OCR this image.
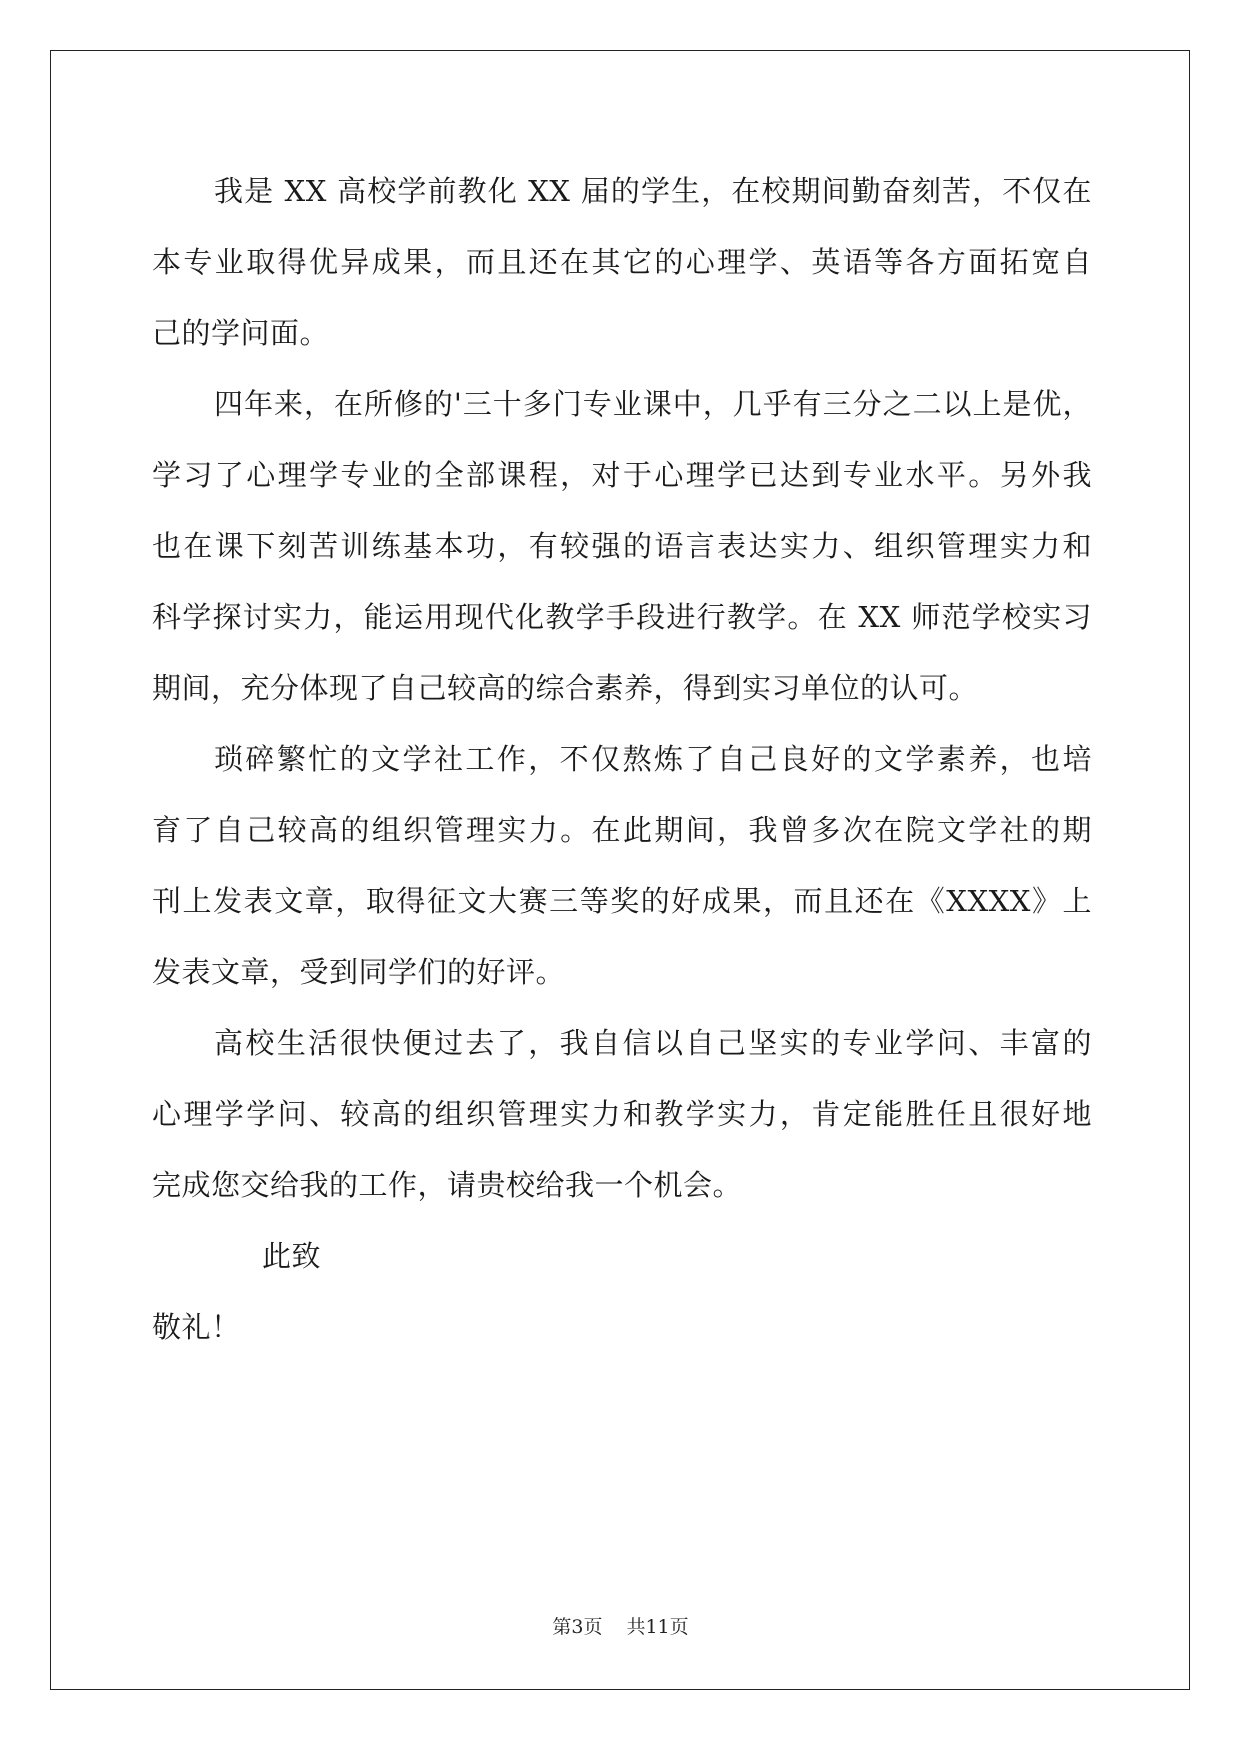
我是 XX 高校学前教化 XX 届的学生，在校期间勤奋刻苦，不仅在
本专业取得优异成果，而且还在其它的心理学、英语等各方面拓宽自
己的学问面。
四年来，在所修的'三十多门专业课中，几乎有三分之二以上是优，
学习了心理学专业的全部课程，对于心理学已达到专业水平。另外我
也在课下刻苦训练基本功，有较强的语言表达实力、组织管理实力和
科学探讨实力，能运用现代化教学手段进行教学。在 XX 师范学校实习
期间，充分体现了自己较高的综合素养，得到实习单位的认可。
琐碎繁忙的文学社工作，不仅熬炼了自己良好的文学素养，也培
育了自己较高的组织管理实力。在此期间，我曾多次在院文学社的期
刊上发表文章，取得征文大赛三等奖的好成果，而且还在《XXXX》上
发表文章，受到同学们的好评。
高校生活很快便过去了，我自信以自己坚实的专业学问、丰富的
心理学学问、较高的组织管理实力和教学实力，肯定能胜任且很好地
完成您交给我的工作，请贵校给我一个机会。
此致
敬礼！
第3页 共11页
